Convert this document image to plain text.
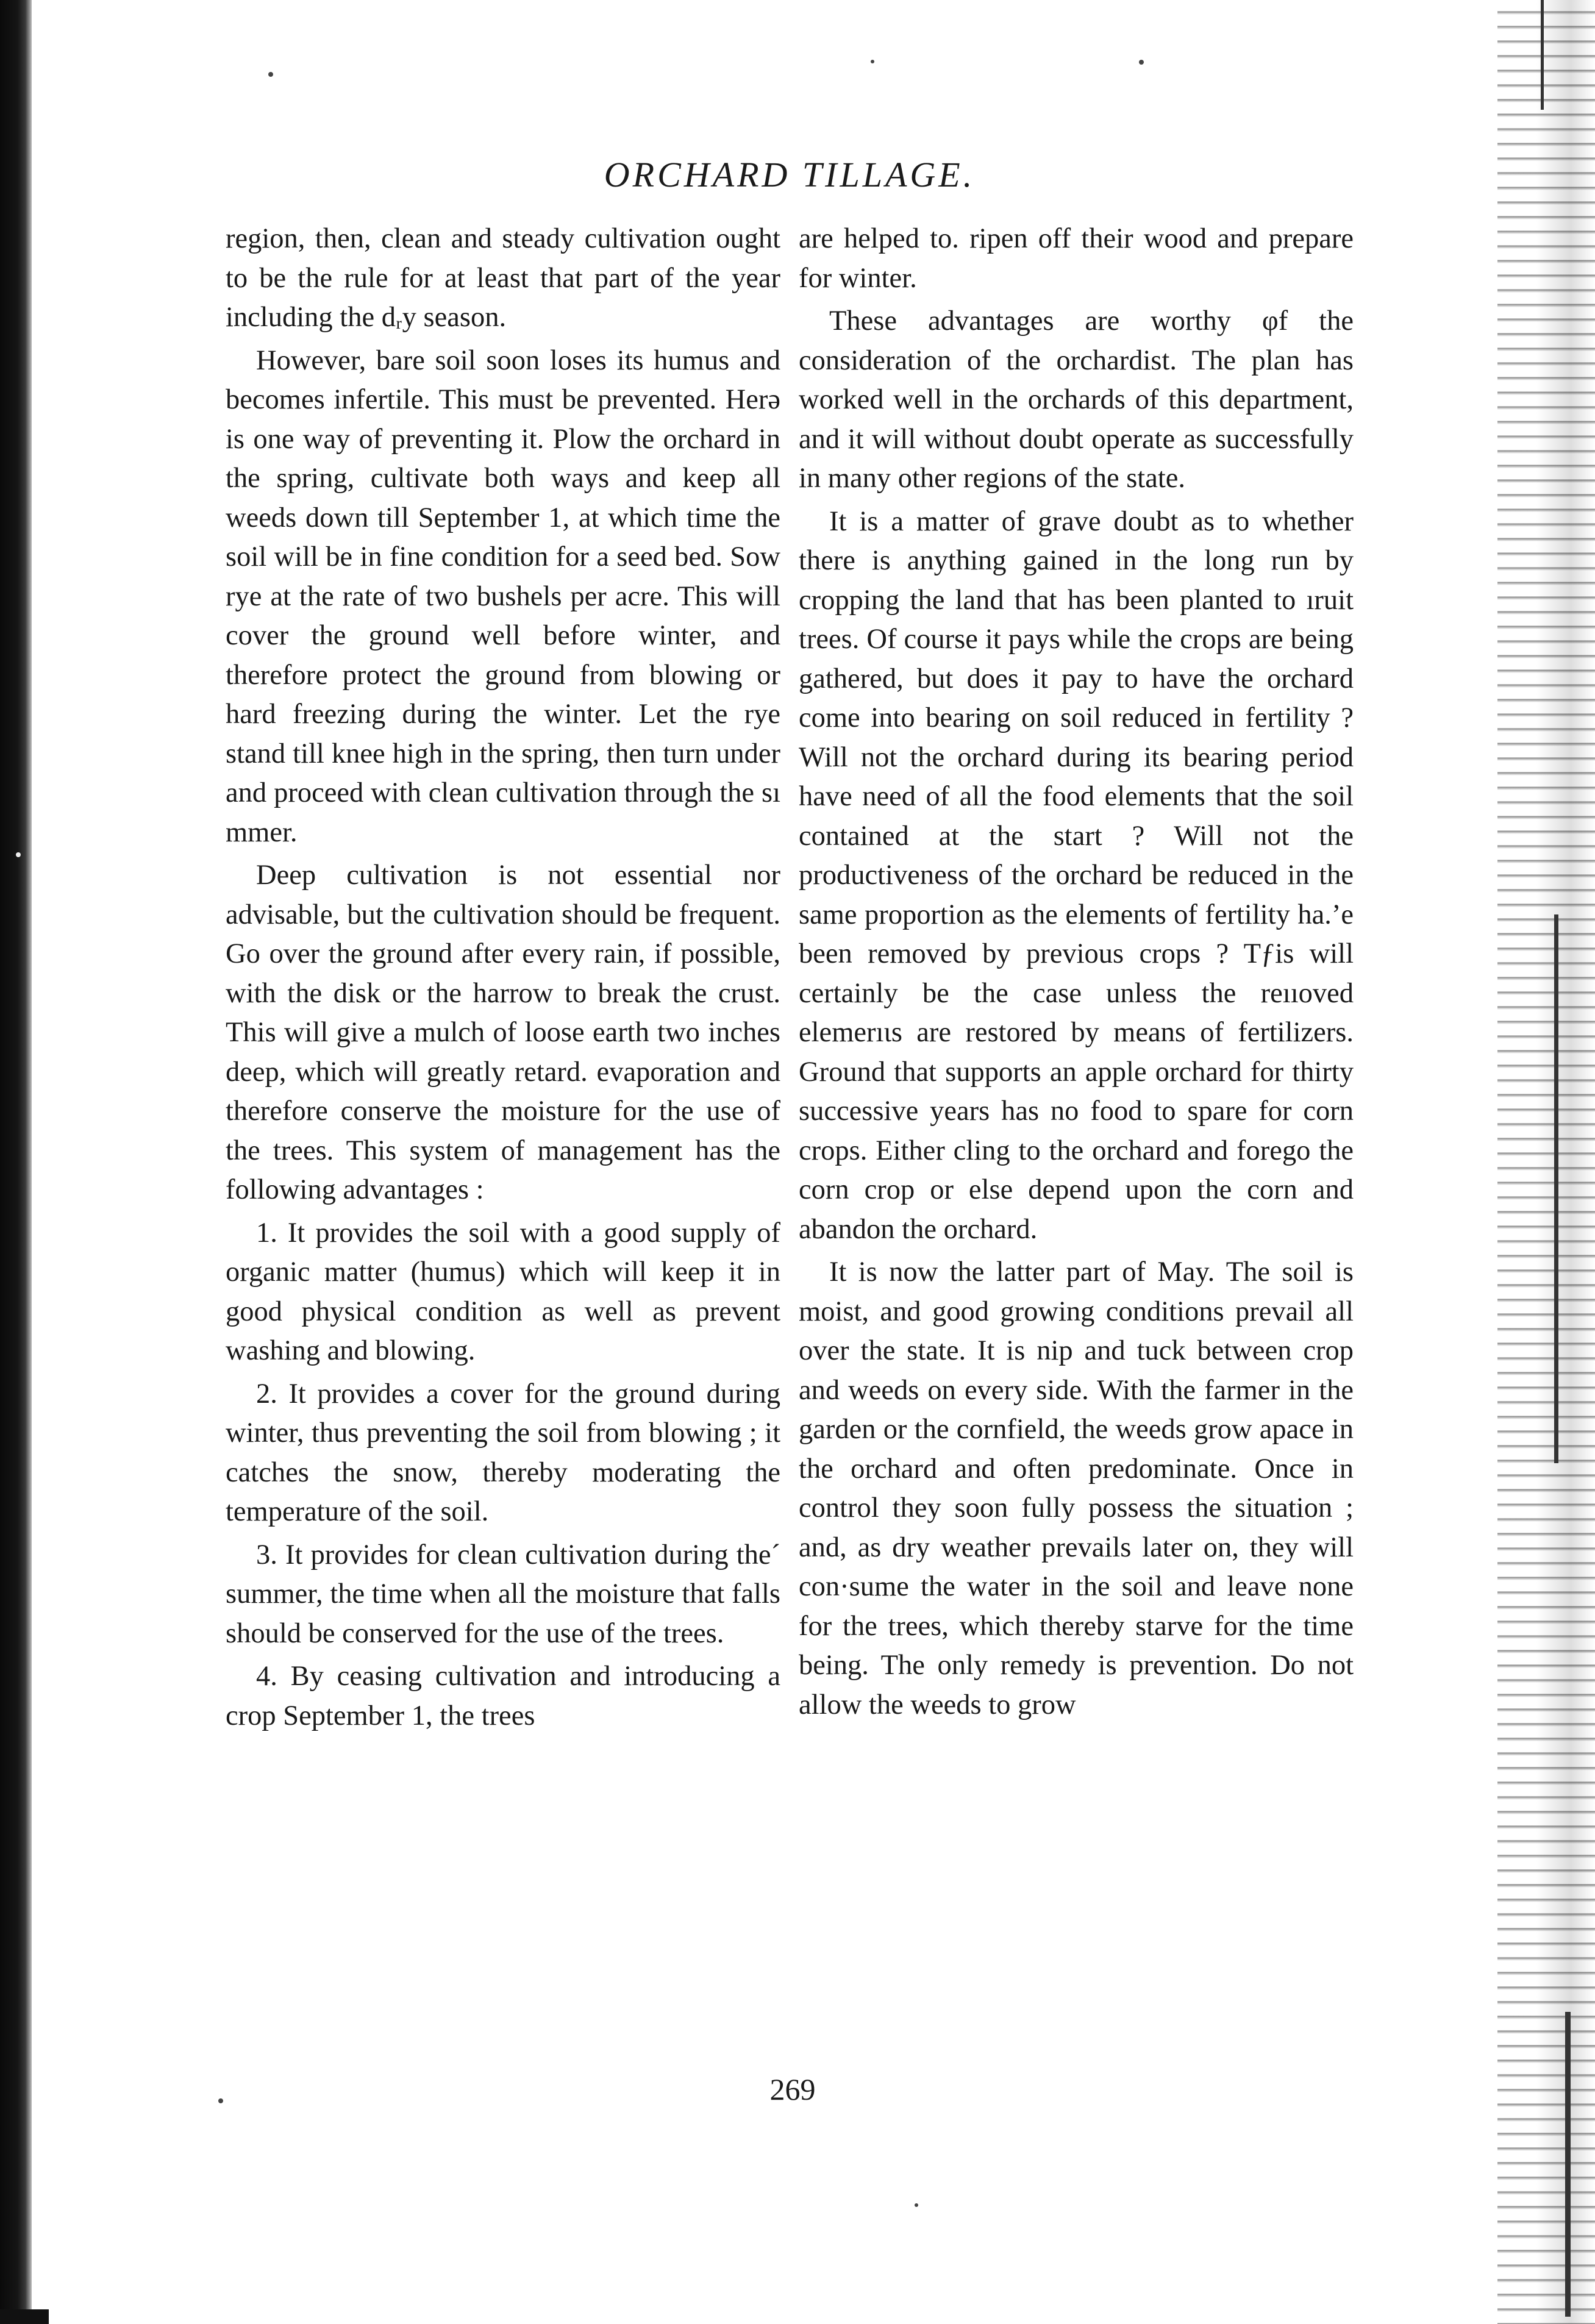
ORCHARD TILLAGE.

region, then, clean and steady cultivation ought to be the rule for at least that part of the year including the dᵣy season.

However, bare soil soon loses its humus and becomes infertile. This must be prevented. Herə is one way of preventing it. Plow the orchard in the spring, cultivate both ways and keep all weeds down till September 1, at which time the soil will be in fine condition for a seed bed. Sow rye at the rate of two bushels per acre. This will cover the ground well before winter, and therefore protect the ground from blowing or hard freezing during the winter. Let the rye stand till knee high in the spring, then turn under and proceed with clean cultivation through the sı mmer.

Deep cultivation is not essential nor advisable, but the cultivation should be frequent. Go over the ground after every rain, if possible, with the disk or the harrow to break the crust. This will give a mulch of loose earth two inches deep, which will greatly retard. evaporation and therefore conserve the moisture for the use of the trees. This system of management has the following advantages :

1. It provides the soil with a good supply of organic matter (humus) which will keep it in good physical condition as well as prevent washing and blowing.

2. It provides a cover for the ground during winter, thus preventing the soil from blowing ; it catches the snow, thereby moderating the temperature of the soil.

3. It provides for clean cultivation during the´ summer, the time when all the moisture that falls should be conserved for the use of the trees.

4. By ceasing cultivation and introducing a crop September 1, the trees

are helped to. ripen off their wood and prepare for winter.

These advantages are worthy φf the consideration of the orchardist. The plan has worked well in the orchards of this department, and it will without doubt operate as successfully in many other regions of the state.

It is a matter of grave doubt as to whether there is anything gained in the long run by cropping the land that has been planted to ıruit trees. Of course it pays while the crops are being gathered, but does it pay to have the orchard come into bearing on soil reduced in fertility ? Will not the orchard during its bearing period have need of all the food elements that the soil contained at the start ? Will not the productiveness of the orchard be reduced in the same proportion as the elements of fertility ha.’e been removed by previous crops ? Tƒis will certainly be the case unless the reııoved elemerıιs are restored by means of fertilizers. Ground that supports an apple orchard for thirty successive years has no food to spare for corn crops. Either cling to the orchard and forego the corn crop or else depend upon the corn and abandon the orchard.

It is now the latter part of May. The soil is moist, and good growing conditions prevail all over the state. It is nip and tuck between crop and weeds on every side. With the farmer in the garden or the cornfield, the weeds grow apace in the orchard and often predominate. Once in control they soon fully possess the situation ; and, as dry weather prevails later on, they will con·sume the water in the soil and leave none for the trees, which thereby starve for the time being. The only remedy is prevention. Do not allow the weeds to grow

269
